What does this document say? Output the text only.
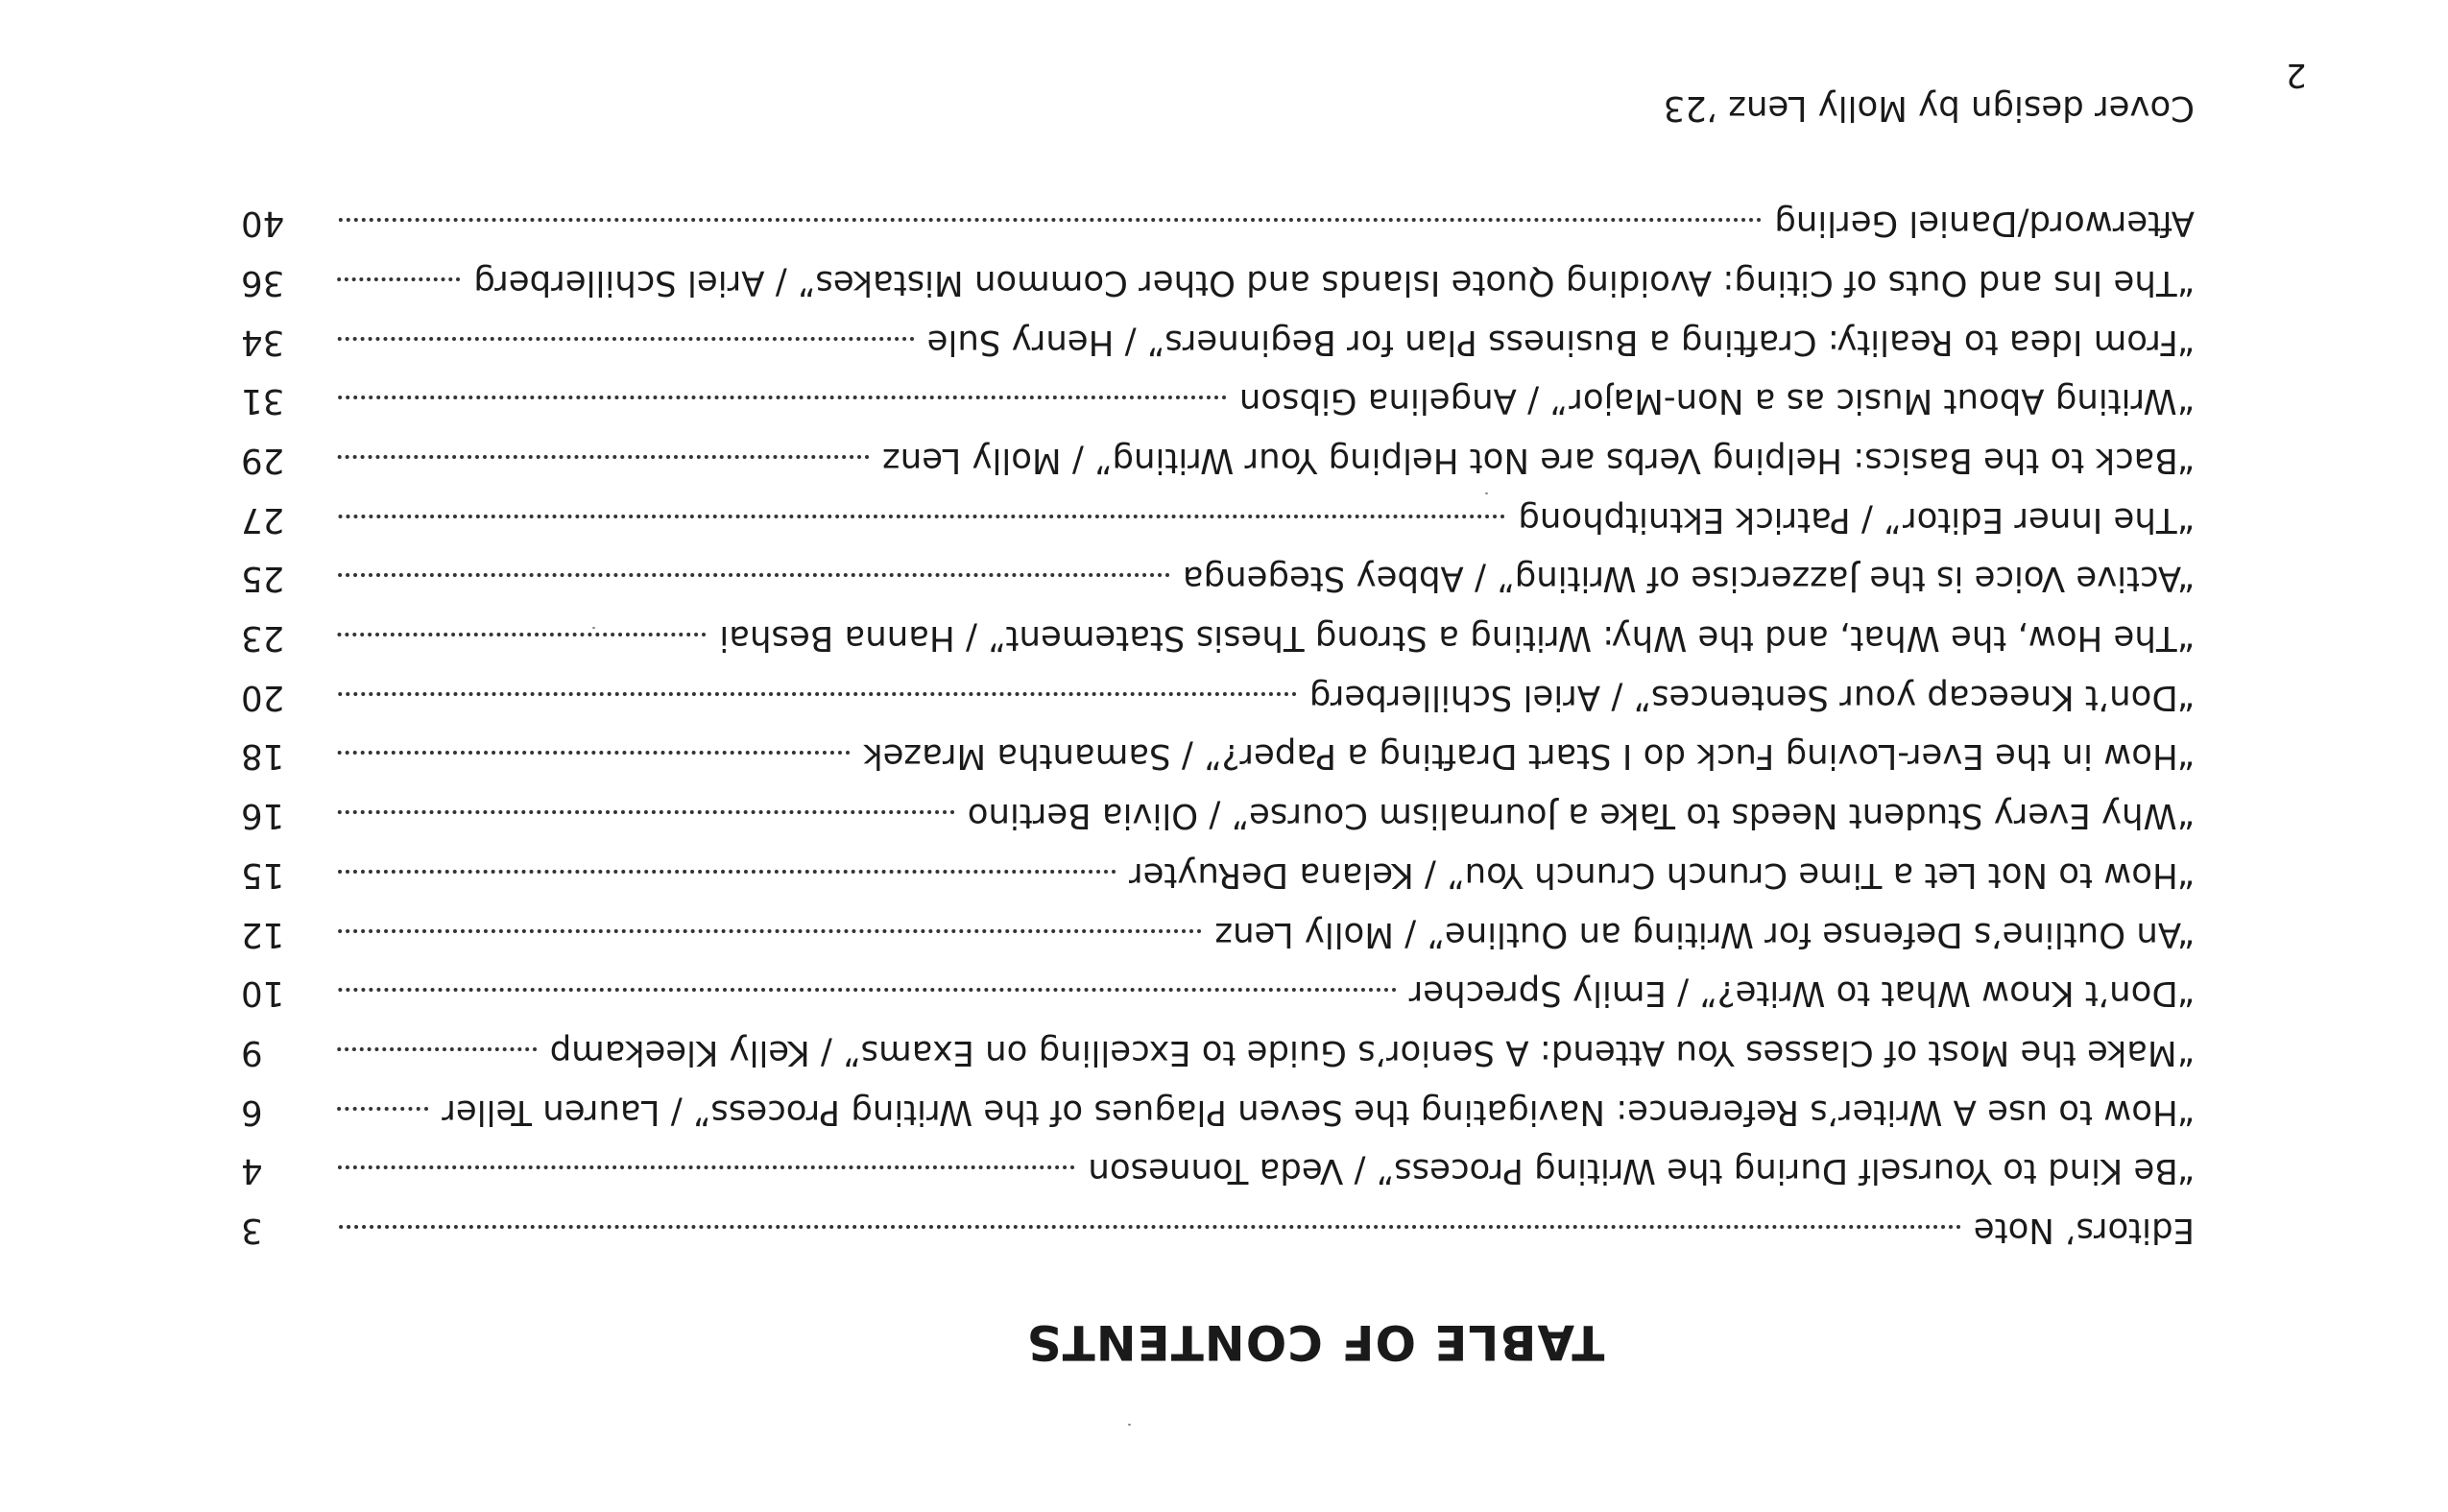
2
TABLE OF CONTENTS
Editors’ Note
3
“Be Kind to Yourself During the Writing Process” / Veda Tonneson
4
“How to use A Writer’s Reference: Navigating the Seven Plagues of the Writing Process” / Lauren Teller
6
“Make the Most of Classes You Attend: A Senior’s Guide to Excelling on Exams” / Kelly Kleekamp
9
“Don’t Know What to Write?” / Emily Sprecher
10
“An Outline’s Defense for Writing an Outline” / Molly Lenz
12
“How to Not Let a Time Crunch Crunch You” / Kelana DeRuyter
15
“Why Every Student Needs to Take a Journalism Course” / Olivia Bertino
16
“How in the Ever-Loving Fuck do I Start Drafting a Paper?” / Samantha Mrazek
18
“Don’t Kneecap your Sentences” / Ariel Schillerberg
20
“The How, the What, and the Why: Writing a Strong Thesis Statement” / Hanna Beshai
23
“Active Voice is the Jazzercise of Writing” / Abbey Stegenga
25
“The Inner Editor” / Patrick Ektnitphong
27
“Back to the Basics: Helping Verbs are Not Helping Your Writing” / Molly Lenz
29
“Writing About Music as a Non-Major” / Angelina Gibson
31
“From Idea to Reality: Crafting a Business Plan for Beginners” / Henry Sule
34
“The Ins and Outs of Citing: Avoiding Quote Islands and Other Common Mistakes” / Ariel Schillerberg
36
Afterword/Daniel Gerling
40
Cover design by Molly Lenz ’23
